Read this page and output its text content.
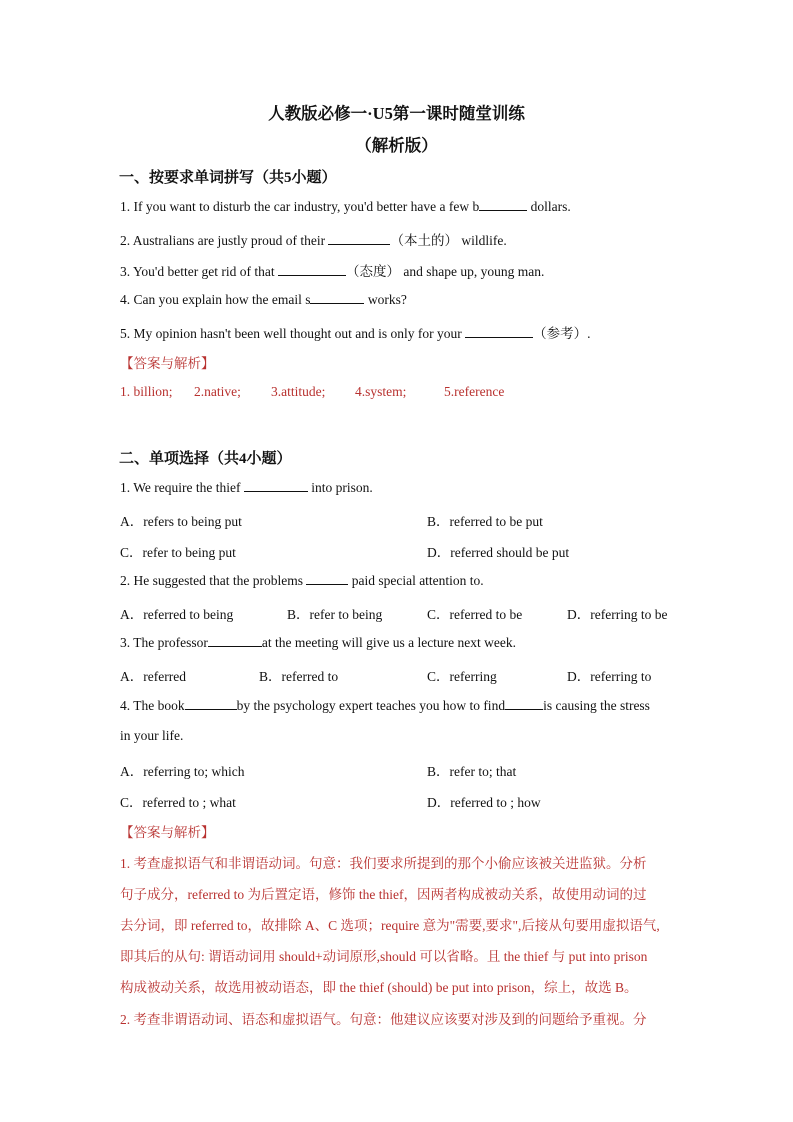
人教版必修一·U5第一课时随堂训练
（解析版）
一、按要求单词拼写（共5小题）
1. If you want to disturb the car industry, you'd better have a few b	dollars.
2. Australians are justly proud of their	（本土的） wildlife.
3. You'd better get rid of that	（态度） and shape up, young man.
4. Can you explain how the email s	works?
5. My opinion hasn't been well thought out and is only for your	（参考）.
【答案与解析】
1. billion; 2.native; 3.attitude; 4.system;	5.reference
二、单项选择（共4小题）
1. We require the thief	into prison.
A．refers to being put	B．referred to be put
C．refer to being put	D．referred should be put
2. He suggested that the problems	paid special attention to.
A．referred to being	B．refer to being	C．referred to be	D．referring to be
3. The professor	at the meeting will give us a lecture next week.
A．referred	B．referred to	C．referring	D．referring to
4. The book	by the psychology expert teaches you how to find	is causing the stress
in your life.
A．referring to; which	B．refer to; that
C．referred to ; what	D．referred to ; how
【答案与解析】
1. 考查虚拟语气和非谓语动词。句意：我们要求所提到的那个小偷应该被关进监狱。分析
句子成分，referred to 为后置定语，修饰 the thief，因两者构成被动关系，故使用动词的过
去分词，即 referred to，故排除 A、C 选项；require 意为"需要,要求",后接从句要用虚拟语气,
即其后的从句: 谓语动词用 should+动词原形,should 可以省略。且 the thief 与 put into prison
构成被动关系，故选用被动语态，即 the thief (should) be put into prison，综上，故选 B。
2. 考查非谓语动词、语态和虚拟语气。句意：他建议应该要对涉及到的问题给予重视。分
